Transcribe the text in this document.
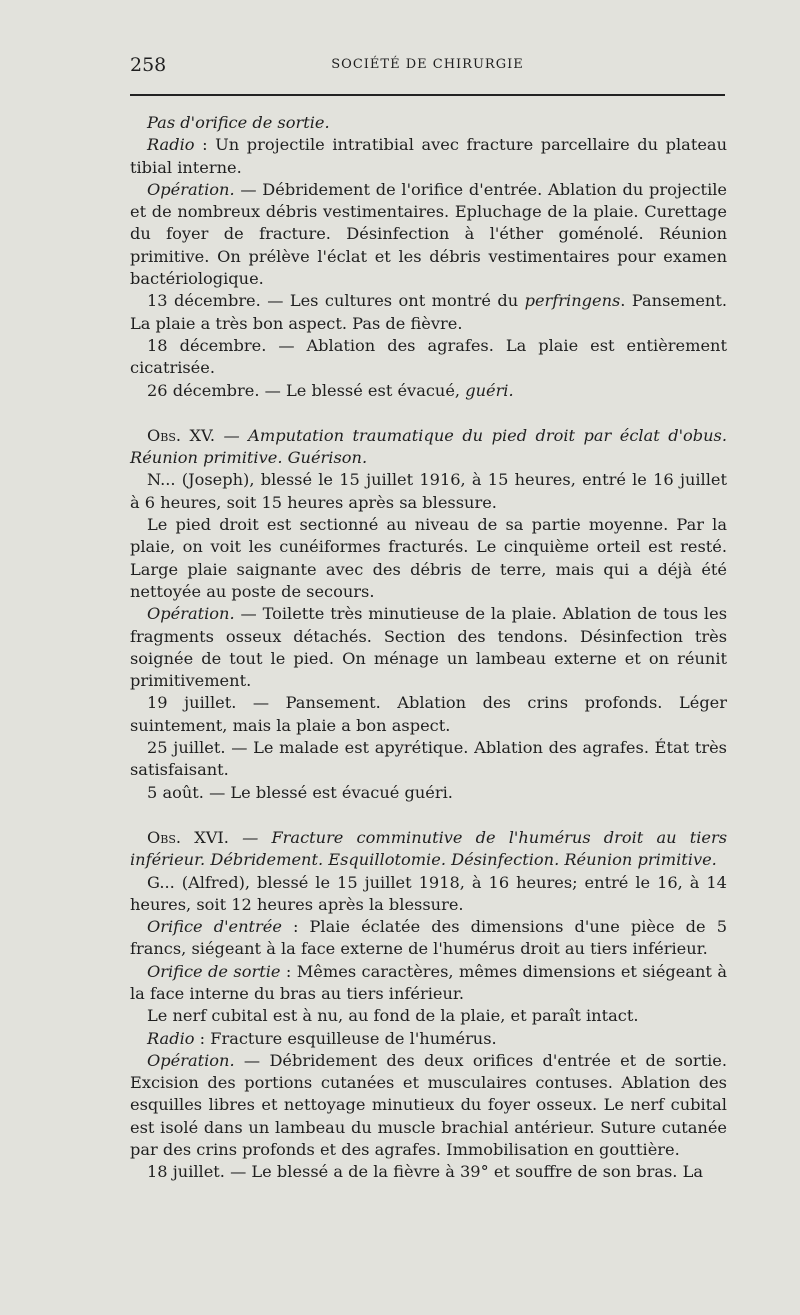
258	SOCIÉTÉ DE CHIRURGIE

Pas d'orifice de sortie.

Radio : Un projectile intratibial avec fracture parcellaire du plateau tibial interne.

Opération. — Débridement de l'orifice d'entrée. Ablation du projectile et de nombreux débris vestimentaires. Epluchage de la plaie. Curettage du foyer de fracture. Désinfection à l'éther goménolé. Réunion primitive. On prélève l'éclat et les débris vestimentaires pour examen bactériologique.

13 décembre. — Les cultures ont montré du perfringens. Pansement. La plaie a très bon aspect. Pas de fièvre.

18 décembre. — Ablation des agrafes. La plaie est entièrement cicatrisée.

26 décembre. — Le blessé est évacué, guéri.

Obs. XV. — Amputation traumatique du pied droit par éclat d'obus. Réunion primitive. Guérison.

N... (Joseph), blessé le 15 juillet 1916, à 15 heures, entré le 16 juillet à 6 heures, soit 15 heures après sa blessure.

Le pied droit est sectionné au niveau de sa partie moyenne. Par la plaie, on voit les cunéiformes fracturés. Le cinquième orteil est resté. Large plaie saignante avec des débris de terre, mais qui a déjà été nettoyée au poste de secours.

Opération. — Toilette très minutieuse de la plaie. Ablation de tous les fragments osseux détachés. Section des tendons. Désinfection très soignée de tout le pied. On ménage un lambeau externe et on réunit primitivement.

19 juillet. — Pansement. Ablation des crins profonds. Léger suintement, mais la plaie a bon aspect.

25 juillet. — Le malade est apyrétique. Ablation des agrafes. État très satisfaisant.

5 août. — Le blessé est évacué guéri.

Obs. XVI. — Fracture comminutive de l'humérus droit au tiers inférieur. Débridement. Esquillotomie. Désinfection. Réunion primitive.

G... (Alfred), blessé le 15 juillet 1918, à 16 heures; entré le 16, à 14 heures, soit 12 heures après la blessure.

Orifice d'entrée : Plaie éclatée des dimensions d'une pièce de 5 francs, siégeant à la face externe de l'humérus droit au tiers inférieur.

Orifice de sortie : Mêmes caractères, mêmes dimensions et siégeant à la face interne du bras au tiers inférieur.

Le nerf cubital est à nu, au fond de la plaie, et paraît intact.

Radio : Fracture esquilleuse de l'humérus.

Opération. — Débridement des deux orifices d'entrée et de sortie. Excision des portions cutanées et musculaires contuses. Ablation des esquilles libres et nettoyage minutieux du foyer osseux. Le nerf cubital est isolé dans un lambeau du muscle brachial antérieur. Suture cutanée par des crins profonds et des agrafes. Immobilisation en gouttière.

18 juillet. — Le blessé a de la fièvre à 39° et souffre de son bras. La
